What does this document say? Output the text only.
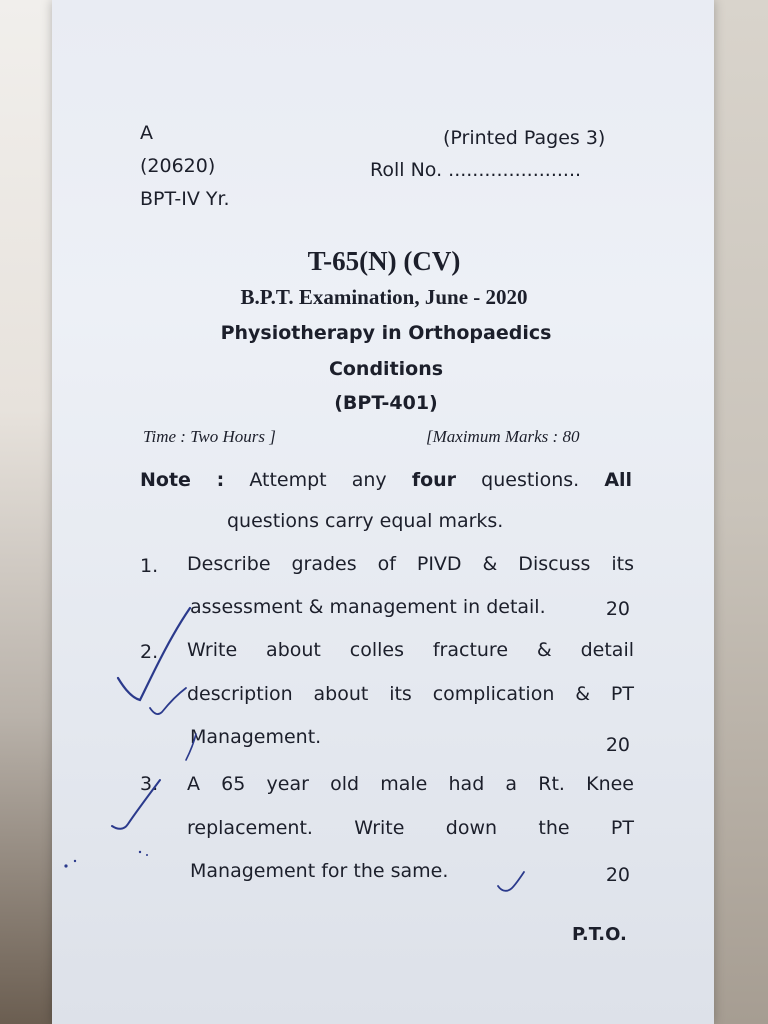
A
(20620)
BPT-IV Yr.
(Printed Pages 3)
Roll No. ......................
T-65(N) (CV)
B.P.T. Examination, June - 2020
Physiotherapy in Orthopaedics
Conditions
(BPT-401)
Time : Two Hours ]	[Maximum Marks : 80
Note : Attempt any four questions. All
questions carry equal marks.
1. Describe grades of PIVD & Discuss its
assessment & management in detail.	20
2. Write about colles fracture & detail
description about its complication & PT
Management.	20
3. A 65 year old male had a Rt. Knee
replacement. Write down the PT
Management for the same.	20
P.T.O.
